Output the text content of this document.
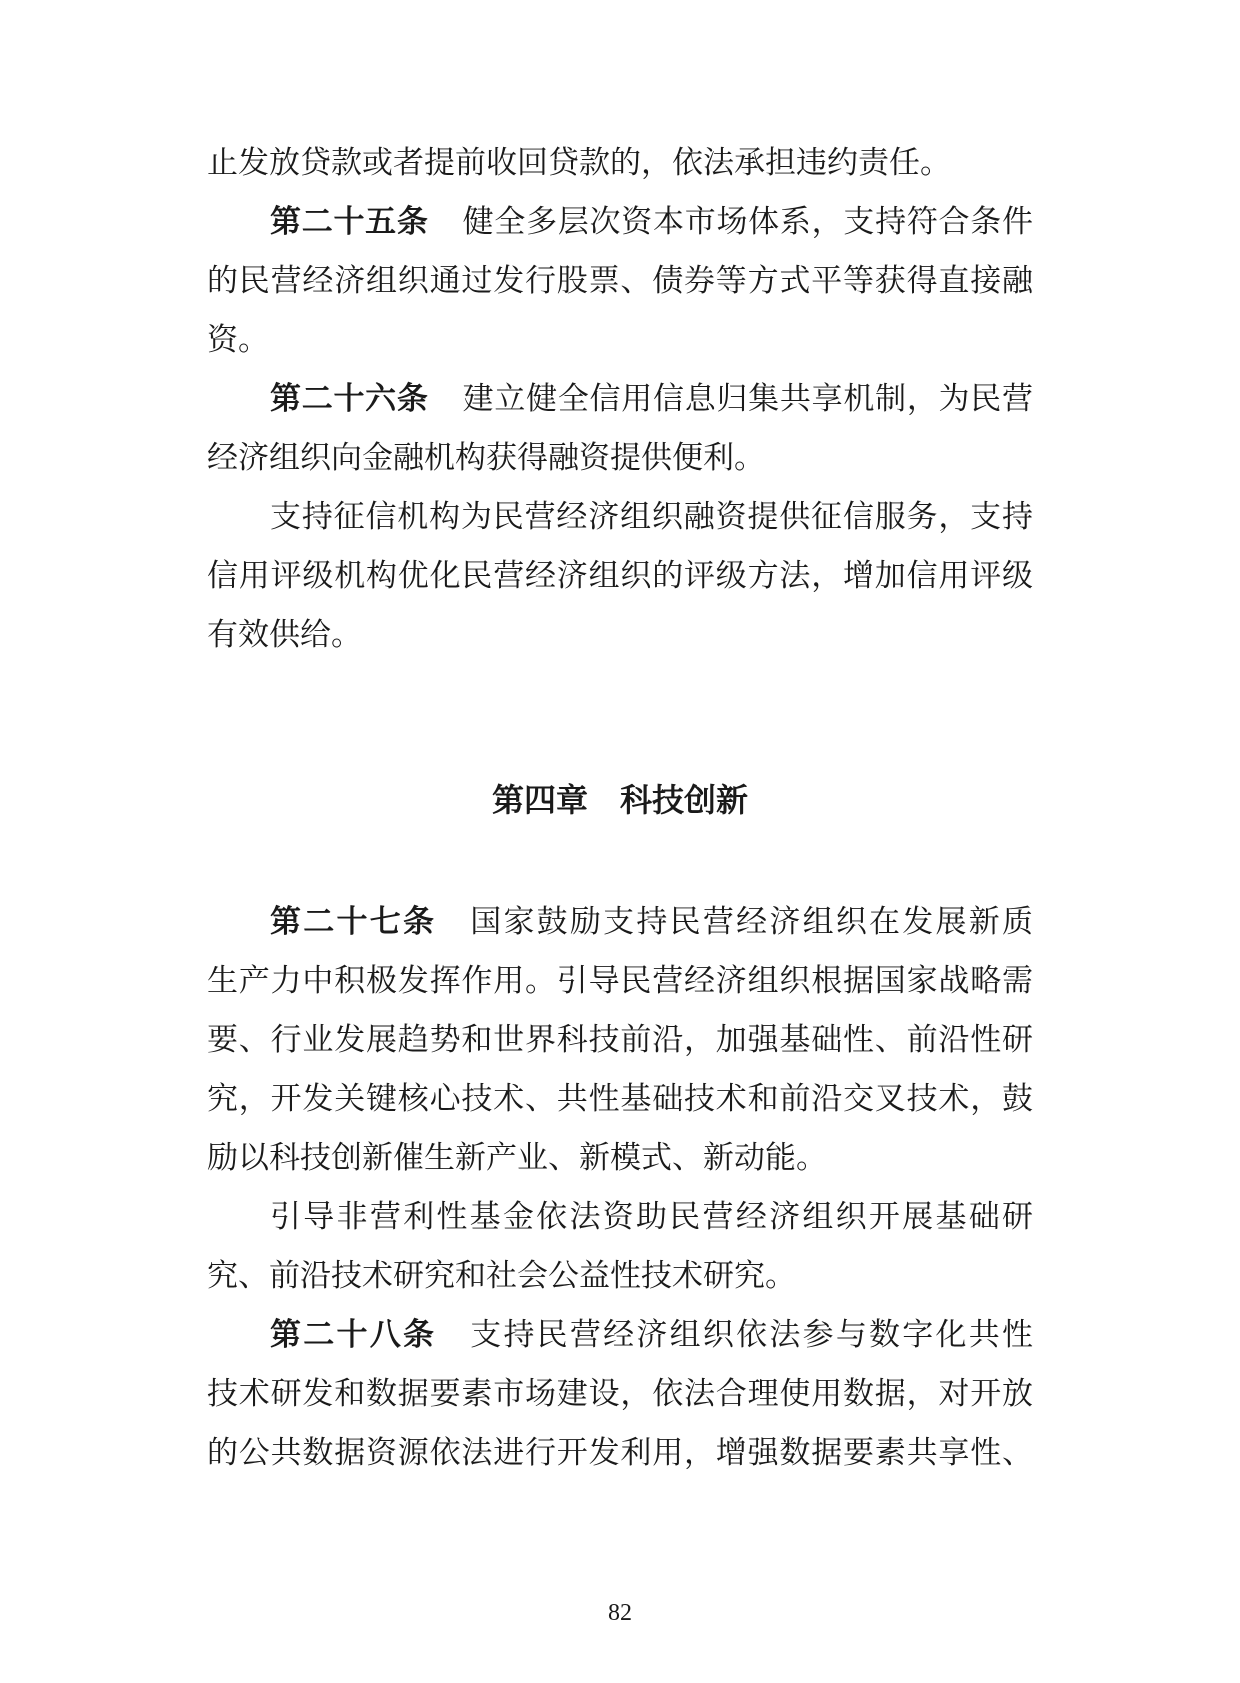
止发放贷款或者提前收回贷款的，依法承担违约责任。
第二十五条 健全多层次资本市场体系，支持符合条件
的民营经济组织通过发行股票、债券等方式平等获得直接融
资。
第二十六条 建立健全信用信息归集共享机制，为民营
经济组织向金融机构获得融资提供便利。
支持征信机构为民营经济组织融资提供征信服务，支持
信用评级机构优化民营经济组织的评级方法，增加信用评级
有效供给。
第四章　科技创新
第二十七条 国家鼓励支持民营经济组织在发展新质
生产力中积极发挥作用。引导民营经济组织根据国家战略需
要、行业发展趋势和世界科技前沿，加强基础性、前沿性研
究，开发关键核心技术、共性基础技术和前沿交叉技术，鼓
励以科技创新催生新产业、新模式、新动能。
引导非营利性基金依法资助民营经济组织开展基础研
究、前沿技术研究和社会公益性技术研究。
第二十八条 支持民营经济组织依法参与数字化共性
技术研发和数据要素市场建设，依法合理使用数据，对开放
的公共数据资源依法进行开发利用，增强数据要素共享性、
82
